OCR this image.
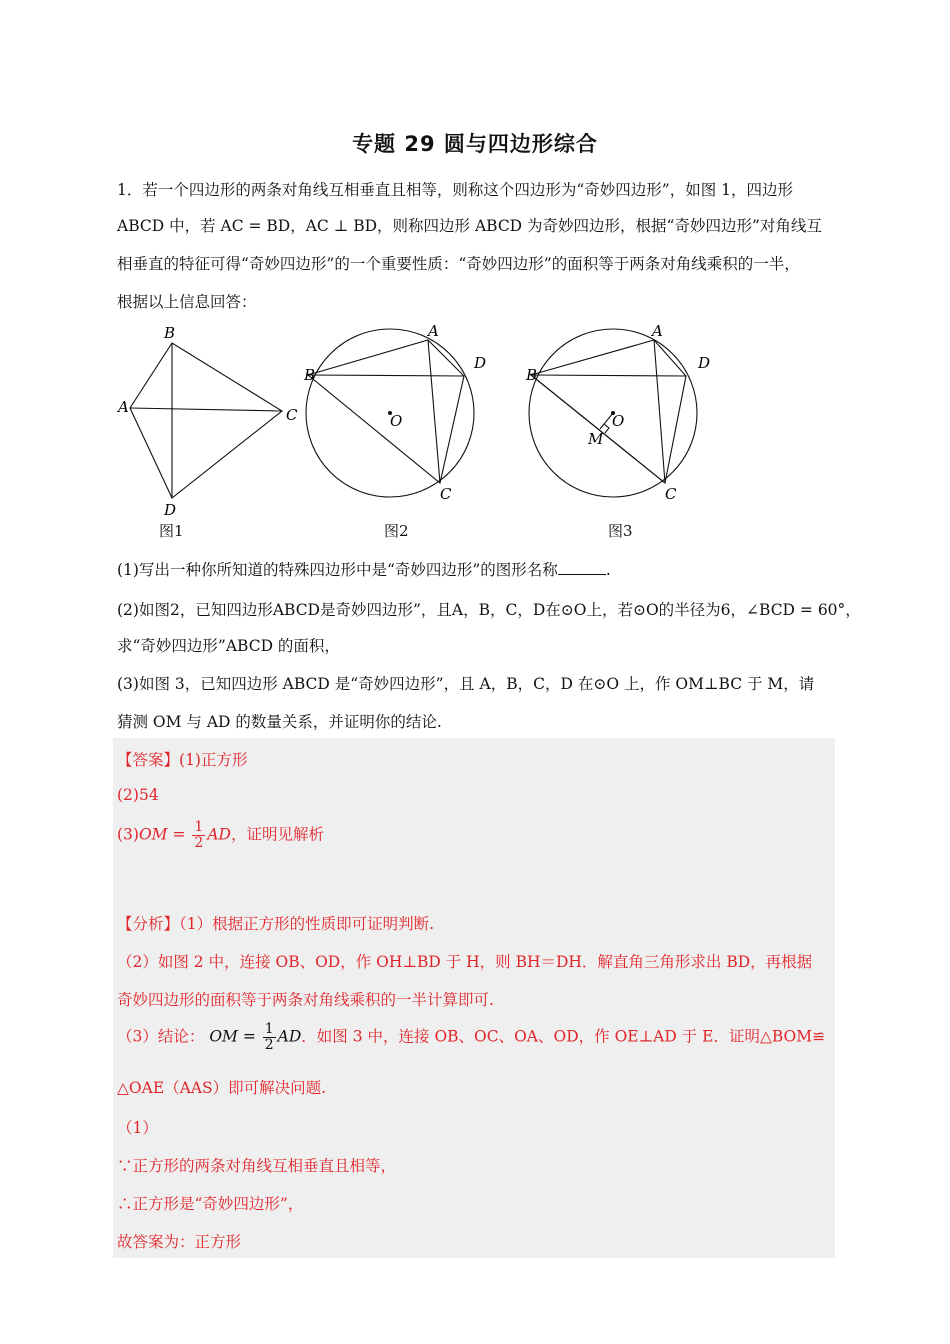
专题 29 圆与四边形综合
1．若一个四边形的两条对角线互相垂直且相等，则称这个四边形为“奇妙四边形”，如图 1，四边形
ABCD 中，若 AC = BD，AC ⊥ BD，则称四边形 ABCD 为奇妙四边形，根据“奇妙四边形”对角线互
相垂直的特征可得“奇妙四边形”的一个重要性质：“奇妙四边形”的面积等于两条对角线乘积的一半，
根据以上信息回答：
B
A	C
D
B
A
D
O
C
B
A
D
O
M
C
图1	图2	图3
(1)写出一种你所知道的特殊四边形中是“奇妙四边形”的图形名称	.
(2)如图2，已知四边形ABCD是奇妙四边形”，且A，B，C，D在⊙O上，若⊙O的半径为6，∠BCD = 60°，
求“奇妙四边形”ABCD 的面积，
(3)如图 3，已知四边形 ABCD 是“奇妙四边形”，且 A，B，C，D 在⊙O 上，作 OM⊥BC 于 M，请
猜测 OM 与 AD 的数量关系，并证明你的结论.
【答案】(1)正方形
(2)54
$(3)OM = \frac{1}{2}$ AD，证明见解析
【分析】（1）根据正方形的性质即可证明判断.
（2）如图 2 中，连接 OB、OD，作 OH⊥BD 于 H，则 BH＝DH．解直角三角形求出 BD，再根据
奇妙四边形的面积等于两条对角线乘积的一半计算即可.
（3）结论： OM = $\frac{1}{2}$ AD．如图 3 中，连接 OB、OC、OA、OD，作 OE⊥AD 于 E．证明△BOM≌
△OAE（AAS）即可解决问题.
（1）
∵正方形的两条对角线互相垂直且相等，
∴正方形是“奇妙四边形”，
故答案为：正方形
